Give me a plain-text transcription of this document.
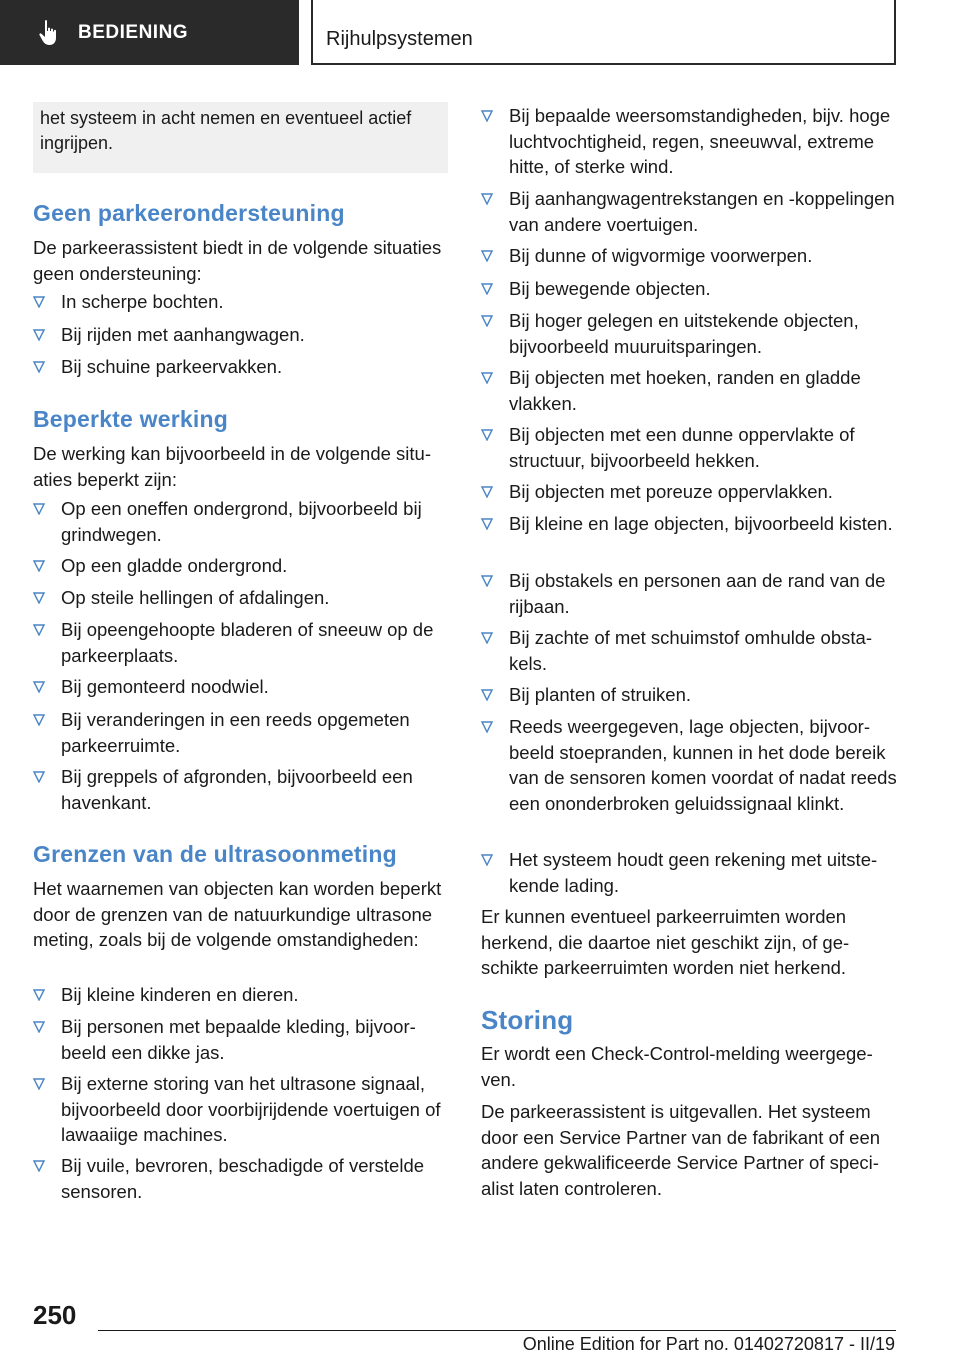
BEDIENING	Rijhulpsystemen
het systeem in acht nemen en eventueel actief ingrijpen.
Geen parkeerondersteuning
De parkeerassistent biedt in de volgende situaties geen ondersteuning:
In scherpe bochten.
Bij rijden met aanhangwagen.
Bij schuine parkeervakken.
Beperkte werking
De werking kan bijvoorbeeld in de volgende situaties beperkt zijn:
Op een oneffen ondergrond, bijvoorbeeld bij grindwegen.
Op een gladde ondergrond.
Op steile hellingen of afdalingen.
Bij opeengehoopte bladeren of sneeuw op de parkeerplaats.
Bij gemonteerd noodwiel.
Bij veranderingen in een reeds opgemeten parkeerruimte.
Bij greppels of afgronden, bijvoorbeeld een havenkant.
Grenzen van de ultrasoonmeting
Het waarnemen van objecten kan worden beperkt door de grenzen van de natuurkundige ultrasone meting, zoals bij de volgende omstandigheden:
Bij kleine kinderen en dieren.
Bij personen met bepaalde kleding, bijvoorbeeld een dikke jas.
Bij externe storing van het ultrasone signaal, bijvoorbeeld door voorbijrijdende voertuigen of lawaaiige machines.
Bij vuile, bevroren, beschadigde of verstelde sensoren.
Bij bepaalde weersomstandigheden, bijv. hoge luchtvochtigheid, regen, sneeuwval, extreme hitte, of sterke wind.
Bij aanhangwagentrekstangen en -koppelingen van andere voertuigen.
Bij dunne of wigvormige voorwerpen.
Bij bewegende objecten.
Bij hoger gelegen en uitstekende objecten, bijvoorbeeld muuruitsparingen.
Bij objecten met hoeken, randen en gladde vlakken.
Bij objecten met een dunne oppervlakte of structuur, bijvoorbeeld hekken.
Bij objecten met poreuze oppervlakken.
Bij kleine en lage objecten, bijvoorbeeld kisten.
Bij obstakels en personen aan de rand van de rijbaan.
Bij zachte of met schuimstof omhulde obstakels.
Bij planten of struiken.
Reeds weergegeven, lage objecten, bijvoorbeeld stoepranden, kunnen in het dode bereik van de sensoren komen voordat of nadat reeds een ononderbroken geluidssignaal klinkt.
Het systeem houdt geen rekening met uitstekende lading.
Er kunnen eventueel parkeerruimten worden herkend, die daartoe niet geschikt zijn, of geschikte parkeerruimten worden niet herkend.
Storing
Er wordt een Check-Control-melding weergegeven.
De parkeerassistent is uitgevallen. Het systeem door een Service Partner van de fabrikant of een andere gekwalificeerde Service Partner of specialist laten controleren.
250
Online Edition for Part no. 01402720817 - II/19
